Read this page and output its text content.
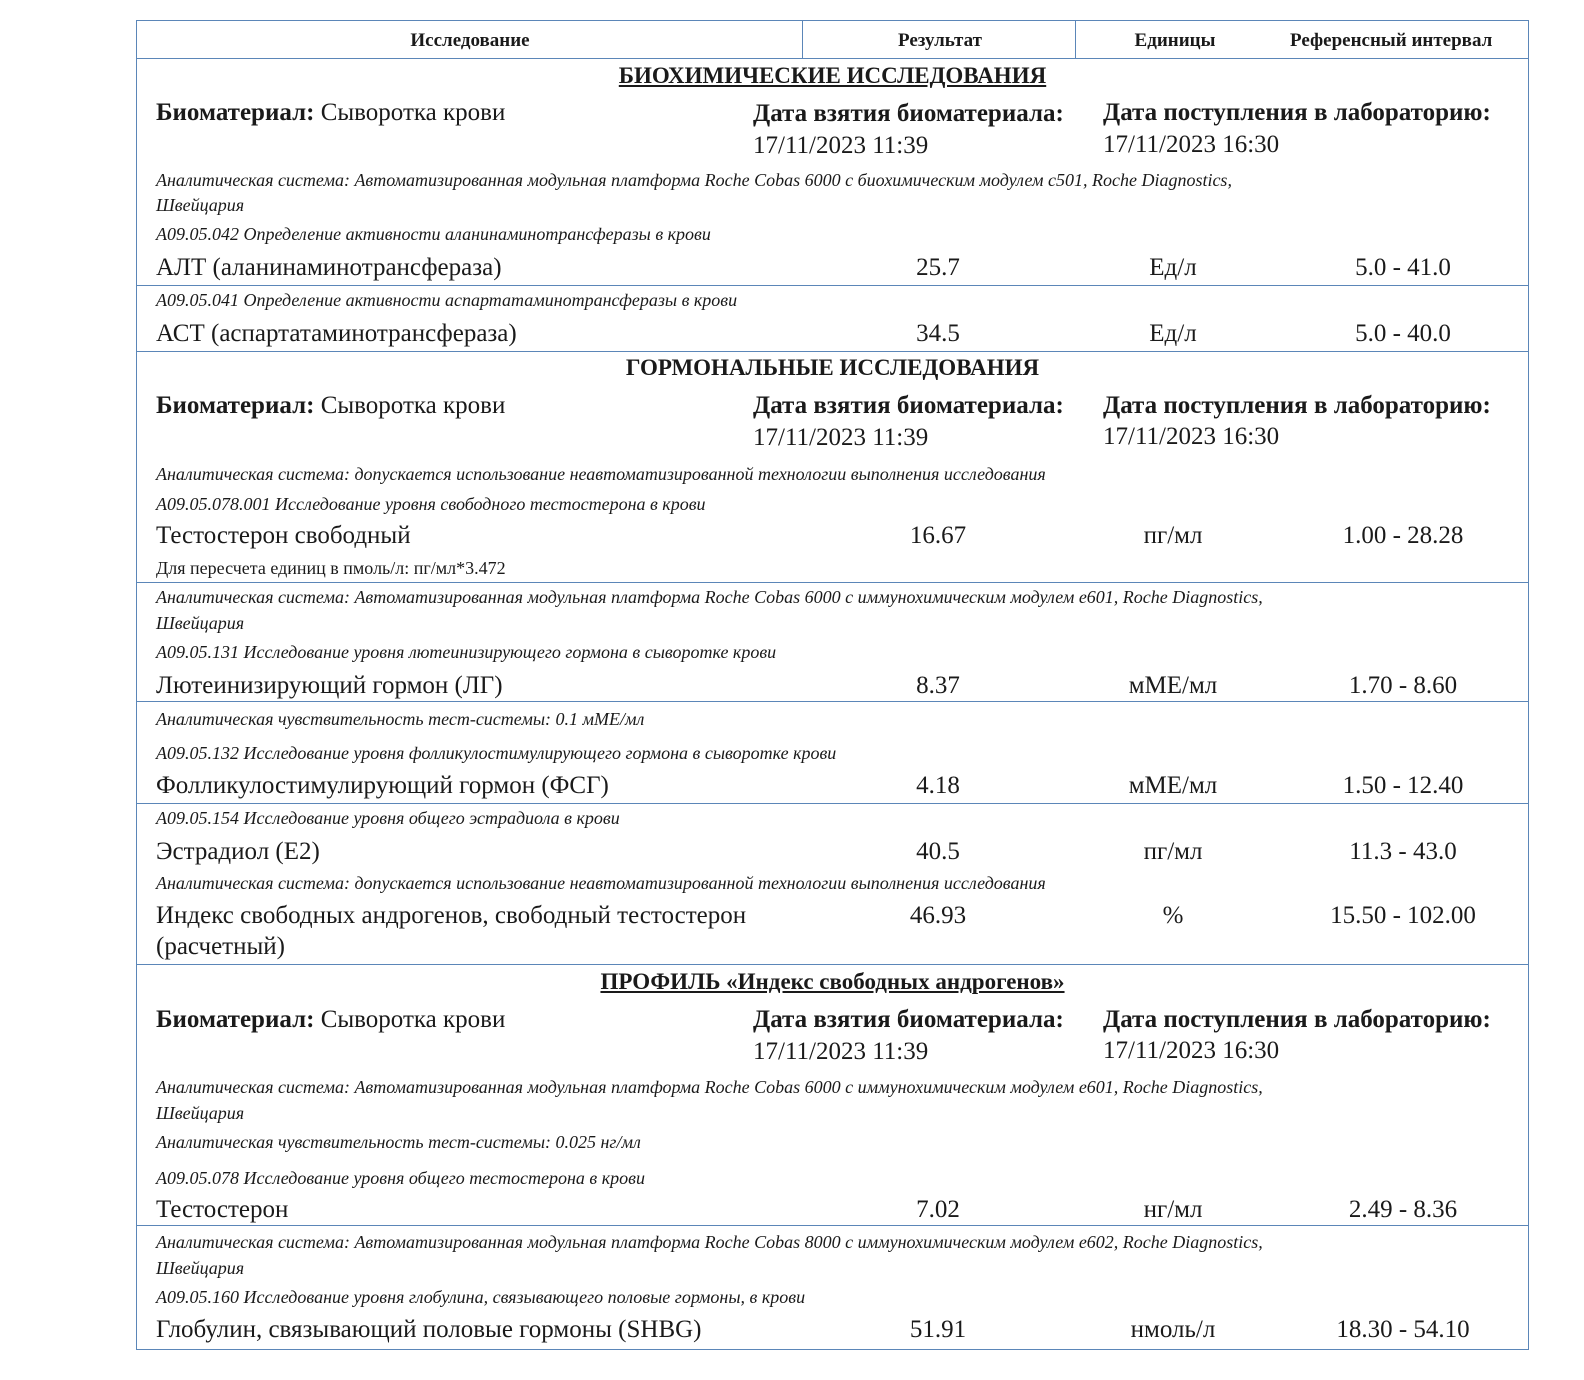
Исследование	Результат	Единицы	Референсный интервал
БИОХИМИЧЕСКИЕ ИССЛЕДОВАНИЯ
Биоматериал: Сыворотка крови	Дата взятия биоматериала:
17/11/2023 11:39
Дата поступления в лабораторию:
17/11/2023 16:30
Аналитическая система: Автоматизированная модульная платформа Roche Cobas 6000 с биохимическим модулем c501, Roche Diagnostics,
Швейцария
A09.05.042 Определение активности аланинаминотрансферазы в крови
АЛТ (аланинаминотрансфераза)	25.7	Ед/л	5.0 - 41.0
A09.05.041 Определение активности аспартатаминотрансферазы в крови
АСТ (аспартатаминотрансфераза)	34.5	Ед/л	5.0 - 40.0
ГОРМОНАЛЬНЫЕ ИССЛЕДОВАНИЯ
Биоматериал: Сыворотка крови	Дата взятия биоматериала:
17/11/2023 11:39
Дата поступления в лабораторию:
17/11/2023 16:30
Аналитическая система: допускается использование неавтоматизированной технологии выполнения исследования
A09.05.078.001 Исследование уровня свободного тестостерона в крови
Тестостерон свободный	16.67	пг/мл	1.00 - 28.28
Для пересчета единиц в пмоль/л: пг/мл*3.472
Аналитическая система: Автоматизированная модульная платформа Roche Cobas 6000 с иммунохимическим модулем e601, Roche Diagnostics,
Швейцария
A09.05.131 Исследование уровня лютеинизирующего гормона в сыворотке крови
Лютеинизирующий гормон (ЛГ)	8.37	мМЕ/мл	1.70 - 8.60
Аналитическая чувствительность тест-системы: 0.1 мМЕ/мл
A09.05.132 Исследование уровня фолликулостимулирующего гормона в сыворотке крови
Фолликулостимулирующий гормон (ФСГ)	4.18	мМЕ/мл	1.50 - 12.40
A09.05.154 Исследование уровня общего эстрадиола в крови
Эстрадиол (E2)	40.5	пг/мл	11.3 - 43.0
Аналитическая система: допускается использование неавтоматизированной технологии выполнения исследования
Индекс свободных андрогенов, свободный тестостерон
(расчетный)
46.93	%	15.50 - 102.00
ПРОФИЛЬ «Индекс свободных андрогенов»
Биоматериал: Сыворотка крови	Дата взятия биоматериала:
17/11/2023 11:39
Дата поступления в лабораторию:
17/11/2023 16:30
Аналитическая система: Автоматизированная модульная платформа Roche Cobas 6000 с иммунохимическим модулем e601, Roche Diagnostics,
Швейцария
Аналитическая чувствительность тест-системы: 0.025 нг/мл
A09.05.078 Исследование уровня общего тестостерона в крови
Тестостерон	7.02	нг/мл	2.49 - 8.36
Аналитическая система: Автоматизированная модульная платформа Roche Cobas 8000 с иммунохимическим модулем e602, Roche Diagnostics,
Швейцария
A09.05.160 Исследование уровня глобулина, связывающего половые гормоны, в крови
Глобулин, связывающий половые гормоны (SHBG)	51.91	нмоль/л	18.30 - 54.10
